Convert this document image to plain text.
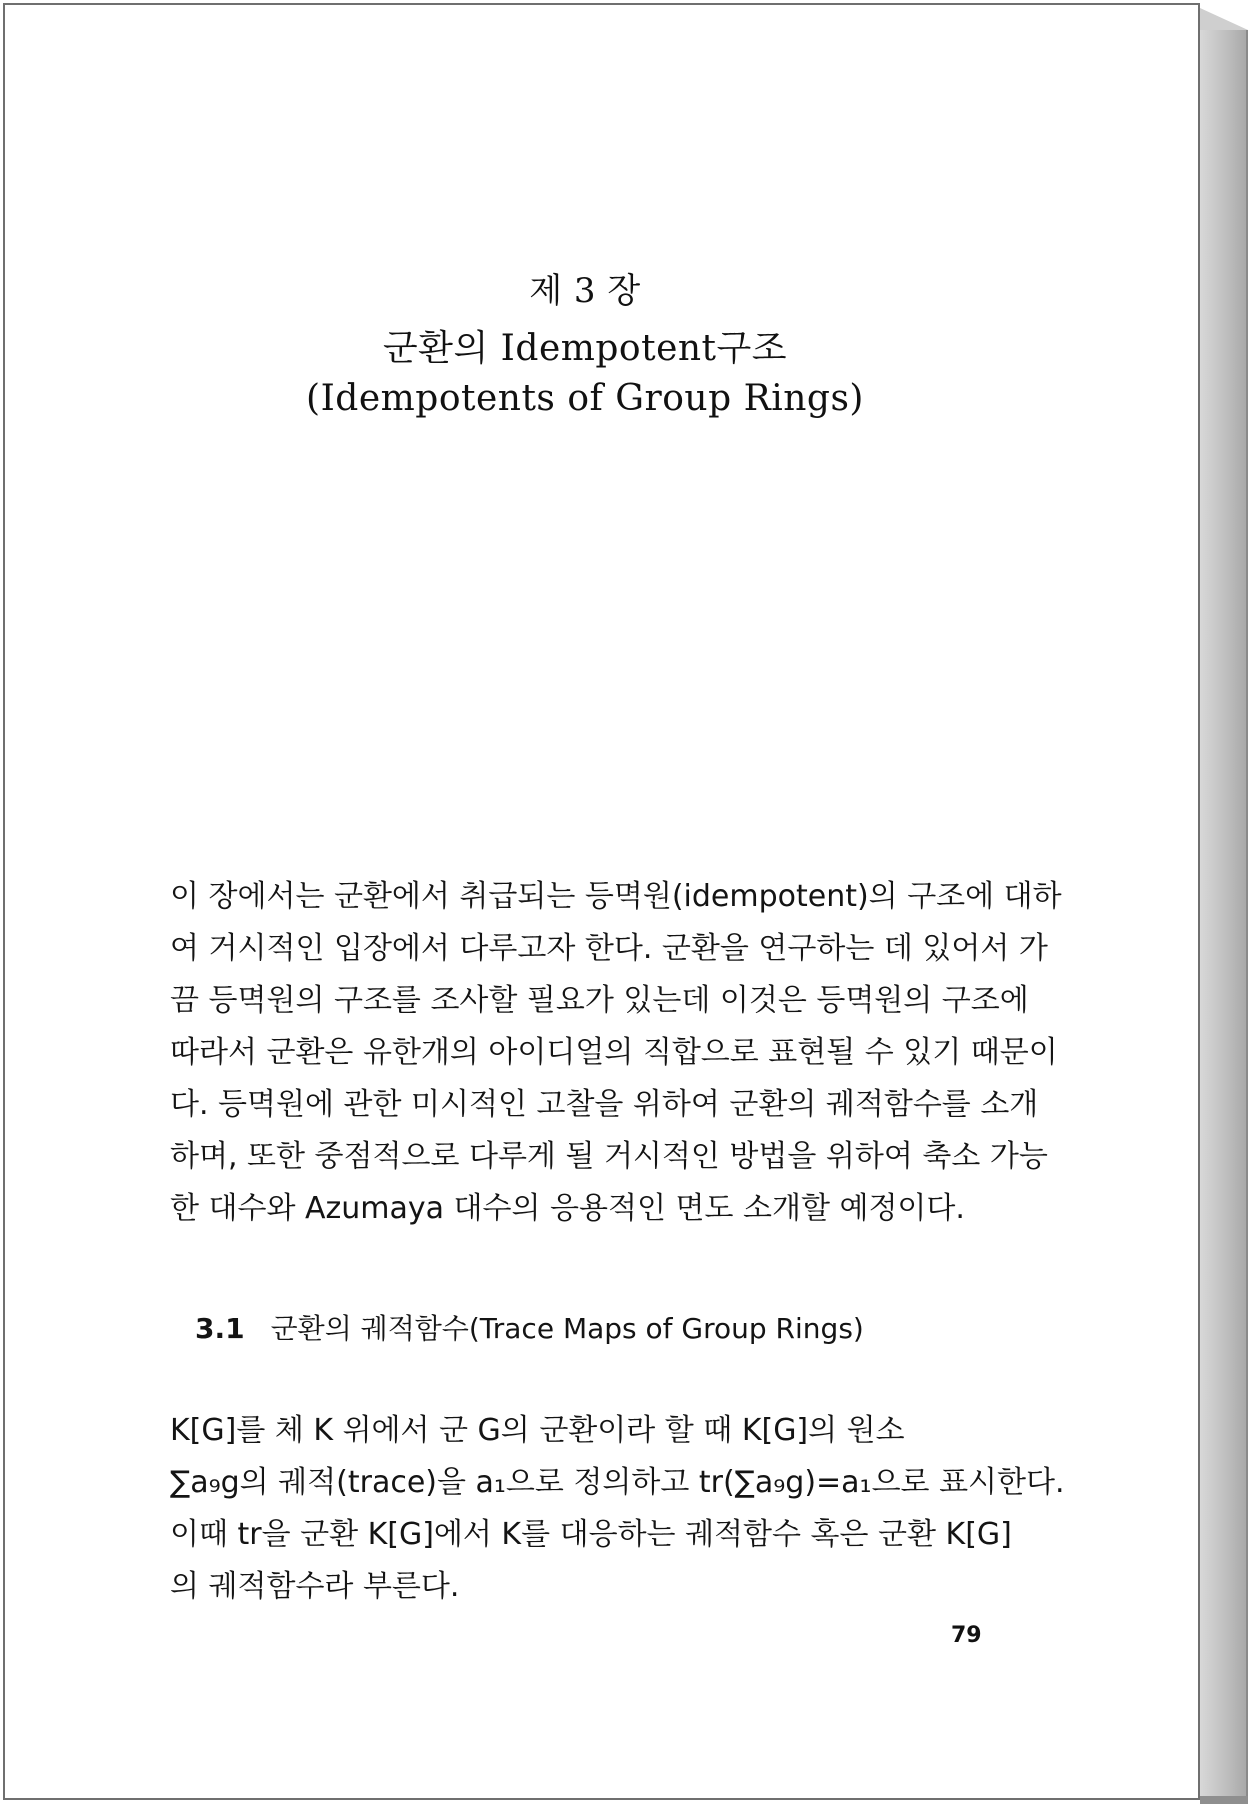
제 3 장
군환의 Idempotent구조
(Idempotents of Group Rings)
이 장에서는 군환에서 취급되는 등멱원(idempotent)의 구조에 대하
여 거시적인 입장에서 다루고자 한다. 군환을 연구하는 데 있어서 가
끔 등멱원의 구조를 조사할 필요가 있는데 이것은 등멱원의 구조에
따라서 군환은 유한개의 아이디얼의 직합으로 표현될 수 있기 때문이
다. 등멱원에 관한 미시적인 고찰을 위하여 군환의 궤적함수를 소개
하며, 또한 중점적으로 다루게 될 거시적인 방법을 위하여 축소 가능
한 대수와 Azumaya 대수의 응용적인 면도 소개할 예정이다.
3.1 군환의 궤적함수(Trace Maps of Group Rings)
K[G]를 체 K 위에서 군 G의 군환이라 할 때 K[G]의 원소
∑a₉g의 궤적(trace)을 a₁으로 정의하고 tr(∑a₉g)=a₁으로 표시한다.
이때 tr을 군환 K[G]에서 K를 대응하는 궤적함수 혹은 군환 K[G]
의 궤적함수라 부른다.
79
